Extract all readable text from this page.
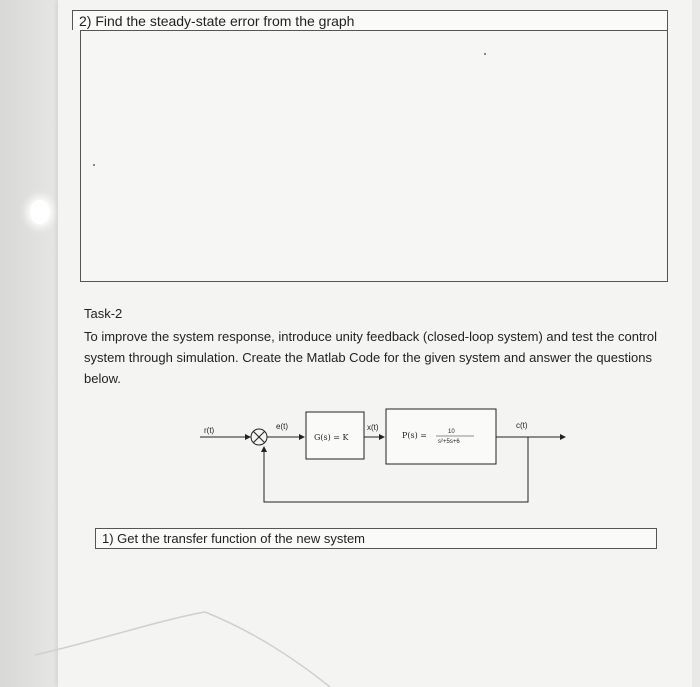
2) Find the steady-state error from the graph
Task-2
To improve the system response, introduce unity feedback (closed-loop system) and test the control system through simulation. Create the Matlab Code for the given system and answer the questions below.
r(t)	e(t)
G(s) = K
x(t)
P(s) =	10
s²+5s+6
c(t)
1) Get the transfer function of the new system
